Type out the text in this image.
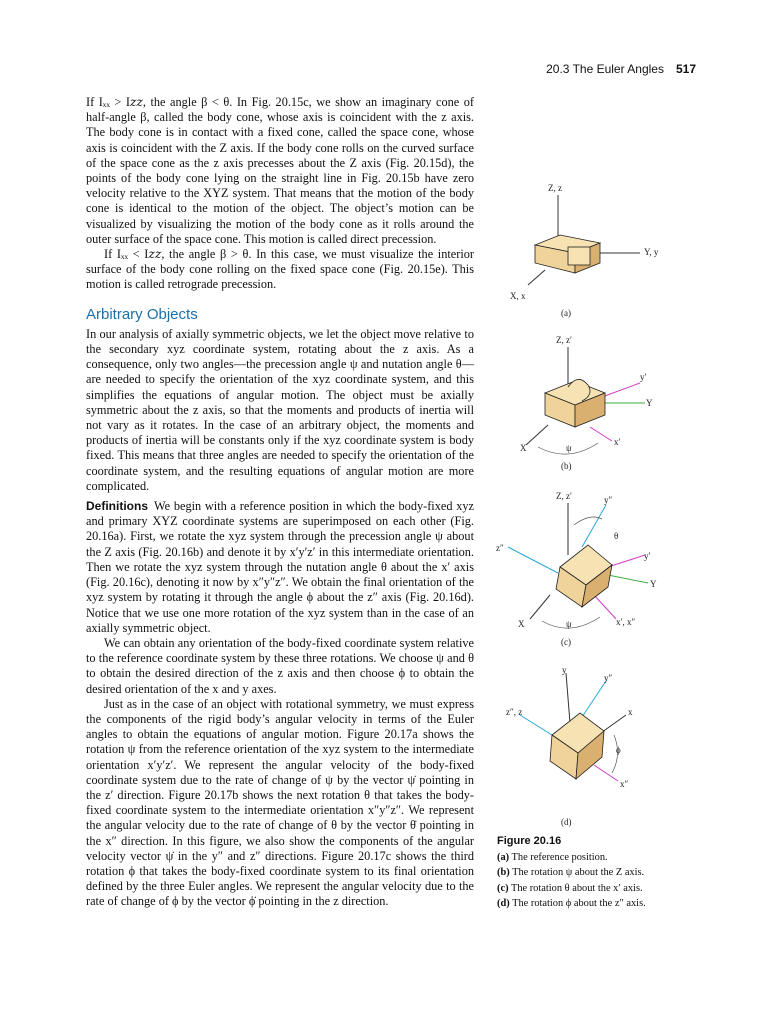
20.3 The Euler Angles 517

If Iₓₓ > I𝑧𝑧, the angle β < θ. In Fig. 20.15c, we show an imaginary cone of half-angle β, called the body cone, whose axis is coincident with the z axis. The body cone is in contact with a fixed cone, called the space cone, whose axis is coincident with the Z axis. If the body cone rolls on the curved surface of the space cone as the z axis precesses about the Z axis (Fig. 20.15d), the points of the body cone lying on the straight line in Fig. 20.15b have zero velocity relative to the XYZ system. That means that the motion of the body cone is identical to the motion of the object. The object’s motion can be visualized by visualizing the motion of the body cone as it rolls around the outer surface of the space cone. This motion is called direct precession.

If Iₓₓ < I𝑧𝑧, the angle β > θ. In this case, we must visualize the interior surface of the body cone rolling on the fixed space cone (Fig. 20.15e). This motion is called retrograde precession.

Arbitrary Objects

In our analysis of axially symmetric objects, we let the object move relative to the secondary xyz coordinate system, rotating about the z axis. As a consequence, only two angles—the precession angle ψ and nutation angle θ—are needed to specify the orientation of the xyz coordinate system, and this simplifies the equations of angular motion. The object must be axially symmetric about the z axis, so that the moments and products of inertia will not vary as it rotates. In the case of an arbitrary object, the moments and products of inertia will be constants only if the xyz coordinate system is body fixed. This means that three angles are needed to specify the orientation of the coordinate system, and the resulting equations of angular motion are more complicated.

Definitions We begin with a reference position in which the body-fixed xyz and primary XYZ coordinate systems are superimposed on each other (Fig. 20.16a). First, we rotate the xyz system through the precession angle ψ about the Z axis (Fig. 20.16b) and denote it by x′y′z′ in this intermediate orientation. Then we rotate the xyz system through the nutation angle θ about the x′ axis (Fig. 20.16c), denoting it now by x″y″z″. We obtain the final orientation of the xyz system by rotating it through the angle ϕ about the z″ axis (Fig. 20.16d). Notice that we use one more rotation of the xyz system than in the case of an axially symmetric object.

We can obtain any orientation of the body-fixed coordinate system relative to the reference coordinate system by these three rotations. We choose ψ and θ to obtain the desired direction of the z axis and then choose ϕ to obtain the desired orientation of the x and y axes.

Just as in the case of an object with rotational symmetry, we must express the components of the rigid body’s angular velocity in terms of the Euler angles to obtain the equations of angular motion. Figure 20.17a shows the rotation ψ from the reference orientation of the xyz system to the intermediate orientation x′y′z′. We represent the angular velocity of the body-fixed coordinate system due to the rate of change of ψ by the vector ψ̇ pointing in the z′ direction. Figure 20.17b shows the next rotation θ that takes the body-fixed coordinate system to the intermediate orientation x″y″z″. We represent the angular velocity due to the rate of change of θ by the vector θ̇ pointing in the x″ direction. In this figure, we also show the components of the angular velocity vector ψ̇ in the y″ and z″ directions. Figure 20.17c shows the third rotation ϕ that takes the body-fixed coordinate system to its final orientation defined by the three Euler angles. We represent the angular velocity due to the rate of change of ϕ by the vector ϕ̇ pointing in the z direction.

Z, z
Y, y
X, x
(a)
Z, z′
y′
Y
X	ψ
x′
(b)
Z, z′	y″
z″
θ
y′
Y
X	ψ	x′, x″
(c)
y
y″
z″, z	x
ϕ
x″
(d)
Figure 20.16
(a) The reference position.
(b) The rotation ψ about the Z axis.
(c) The rotation θ about the x′ axis.
(d) The rotation ϕ about the z″ axis.
